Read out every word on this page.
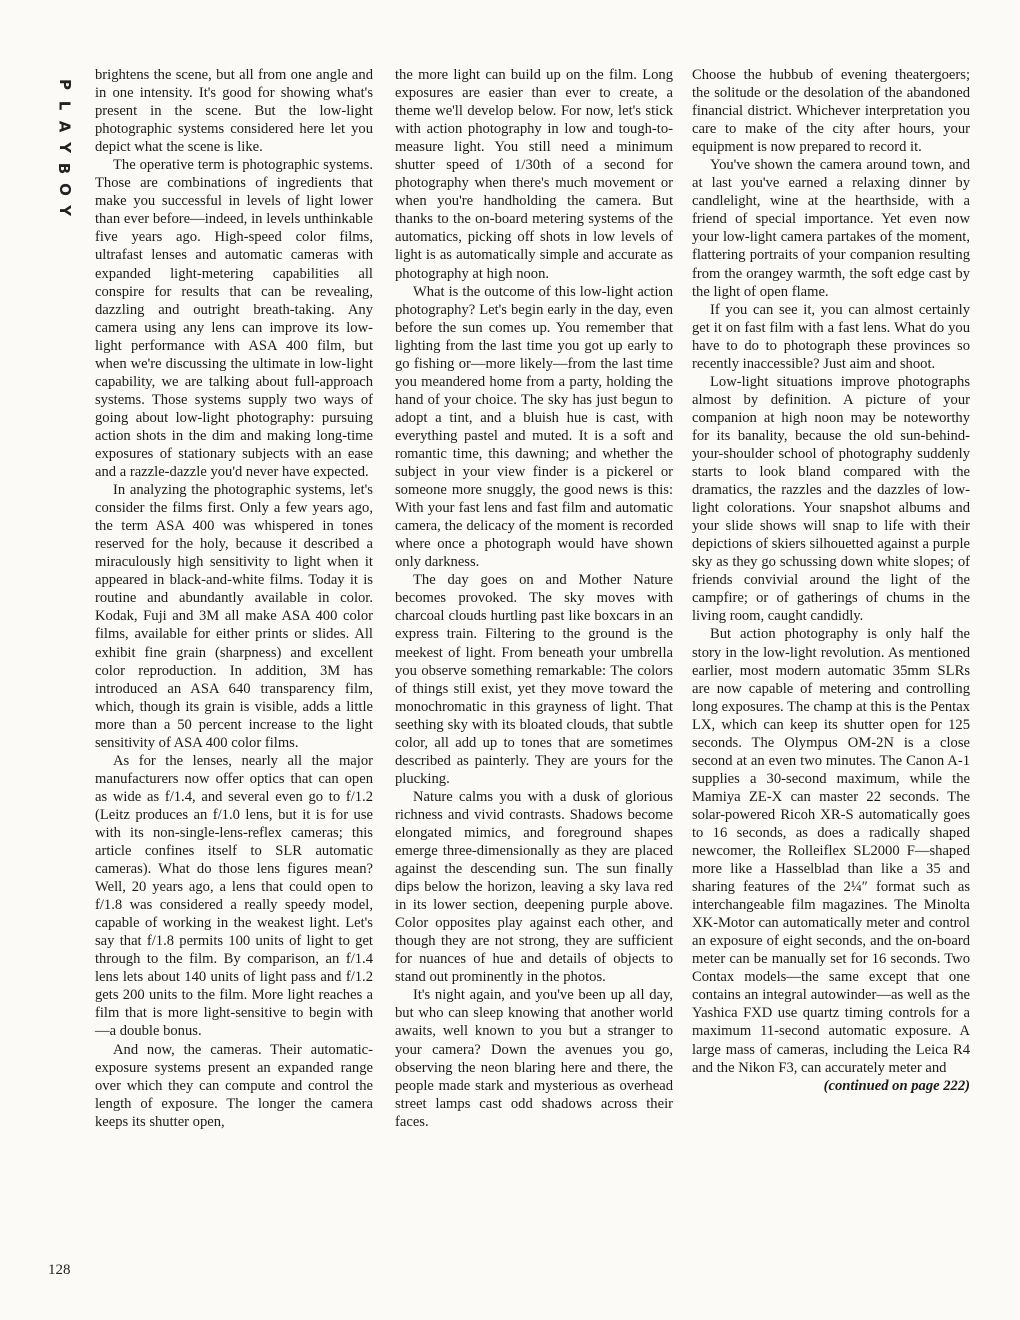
P
L
A
Y
B
O
Y
128

brightens the scene, but all from one angle and in one intensity. It's good for showing what's present in the scene. But the low-light photographic systems considered here let you depict what the scene is like.

The operative term is photographic systems. Those are combinations of ingredients that make you successful in levels of light lower than ever before—indeed, in levels unthinkable five years ago. High-speed color films, ultrafast lenses and automatic cameras with expanded light-metering capabilities all conspire for results that can be revealing, dazzling and outright breath-taking. Any camera using any lens can improve its low-light performance with ASA 400 film, but when we're discussing the ultimate in low-light capability, we are talking about full-approach systems. Those systems supply two ways of going about low-light photography: pursuing action shots in the dim and making long-time exposures of stationary subjects with an ease and a razzle-dazzle you'd never have expected.

In analyzing the photographic systems, let's consider the films first. Only a few years ago, the term ASA 400 was whispered in tones reserved for the holy, because it described a miraculously high sensitivity to light when it appeared in black-and-white films. Today it is routine and abundantly available in color. Kodak, Fuji and 3M all make ASA 400 color films, available for either prints or slides. All exhibit fine grain (sharpness) and excellent color reproduction. In addition, 3M has introduced an ASA 640 transparency film, which, though its grain is visible, adds a little more than a 50 percent increase to the light sensitivity of ASA 400 color films.

As for the lenses, nearly all the major manufacturers now offer optics that can open as wide as f/1.4, and several even go to f/1.2 (Leitz produces an f/1.0 lens, but it is for use with its non-single-lens-reflex cameras; this article confines itself to SLR automatic cameras). What do those lens figures mean? Well, 20 years ago, a lens that could open to f/1.8 was considered a really speedy model, capable of working in the weakest light. Let's say that f/1.8 permits 100 units of light to get through to the film. By comparison, an f/1.4 lens lets about 140 units of light pass and f/1.2 gets 200 units to the film. More light reaches a film that is more light-sensitive to begin with—a double bonus.

And now, the cameras. Their automatic-exposure systems present an expanded range over which they can compute and control the length of exposure. The longer the camera keeps its shutter open,

the more light can build up on the film. Long exposures are easier than ever to create, a theme we'll develop below. For now, let's stick with action photography in low and tough-to-measure light. You still need a minimum shutter speed of 1/30th of a second for photography when there's much movement or when you're handholding the camera. But thanks to the on-board metering systems of the automatics, picking off shots in low levels of light is as automatically simple and accurate as photography at high noon.

What is the outcome of this low-light action photography? Let's begin early in the day, even before the sun comes up. You remember that lighting from the last time you got up early to go fishing or—more likely—from the last time you meandered home from a party, holding the hand of your choice. The sky has just begun to adopt a tint, and a bluish hue is cast, with everything pastel and muted. It is a soft and romantic time, this dawning; and whether the subject in your view finder is a pickerel or someone more snuggly, the good news is this: With your fast lens and fast film and automatic camera, the delicacy of the moment is recorded where once a photograph would have shown only darkness.

The day goes on and Mother Nature becomes provoked. The sky moves with charcoal clouds hurtling past like boxcars in an express train. Filtering to the ground is the meekest of light. From beneath your umbrella you observe something remarkable: The colors of things still exist, yet they move toward the monochromatic in this grayness of light. That seething sky with its bloated clouds, that subtle color, all add up to tones that are sometimes described as painterly. They are yours for the plucking.

Nature calms you with a dusk of glorious richness and vivid contrasts. Shadows become elongated mimics, and foreground shapes emerge three-dimensionally as they are placed against the descending sun. The sun finally dips below the horizon, leaving a sky lava red in its lower section, deepening purple above. Color opposites play against each other, and though they are not strong, they are sufficient for nuances of hue and details of objects to stand out prominently in the photos.

It's night again, and you've been up all day, but who can sleep knowing that another world awaits, well known to you but a stranger to your camera? Down the avenues you go, observing the neon blaring here and there, the people made stark and mysterious as overhead street lamps cast odd shadows across their faces.

Choose the hubbub of evening theatergoers; the solitude or the desolation of the abandoned financial district. Whichever interpretation you care to make of the city after hours, your equipment is now prepared to record it.

You've shown the camera around town, and at last you've earned a relaxing dinner by candlelight, wine at the hearthside, with a friend of special importance. Yet even now your low-light camera partakes of the moment, flattering portraits of your companion resulting from the orangey warmth, the soft edge cast by the light of open flame.

If you can see it, you can almost certainly get it on fast film with a fast lens. What do you have to do to photograph these provinces so recently inaccessible? Just aim and shoot.

Low-light situations improve photographs almost by definition. A picture of your companion at high noon may be noteworthy for its banality, because the old sun-behind-your-shoulder school of photography suddenly starts to look bland compared with the dramatics, the razzles and the dazzles of low-light colorations. Your snapshot albums and your slide shows will snap to life with their depictions of skiers silhouetted against a purple sky as they go schussing down white slopes; of friends convivial around the light of the campfire; or of gatherings of chums in the living room, caught candidly.

But action photography is only half the story in the low-light revolution. As mentioned earlier, most modern automatic 35mm SLRs are now capable of metering and controlling long exposures. The champ at this is the Pentax LX, which can keep its shutter open for 125 seconds. The Olympus OM-2N is a close second at an even two minutes. The Canon A-1 supplies a 30-second maximum, while the Mamiya ZE-X can master 22 seconds. The solar-powered Ricoh XR-S automatically goes to 16 seconds, as does a radically shaped newcomer, the Rolleiflex SL2000 F—shaped more like a Hasselblad than like a 35 and sharing features of the 2¼″ format such as interchangeable film magazines. The Minolta XK-Motor can automatically meter and control an exposure of eight seconds, and the on-board meter can be manually set for 16 seconds. Two Contax models—the same except that one contains an integral autowinder—as well as the Yashica FXD use quartz timing controls for a maximum 11-second automatic exposure. A large mass of cameras, including the Leica R4 and the Nikon F3, can accurately meter and

(continued on page 222)
